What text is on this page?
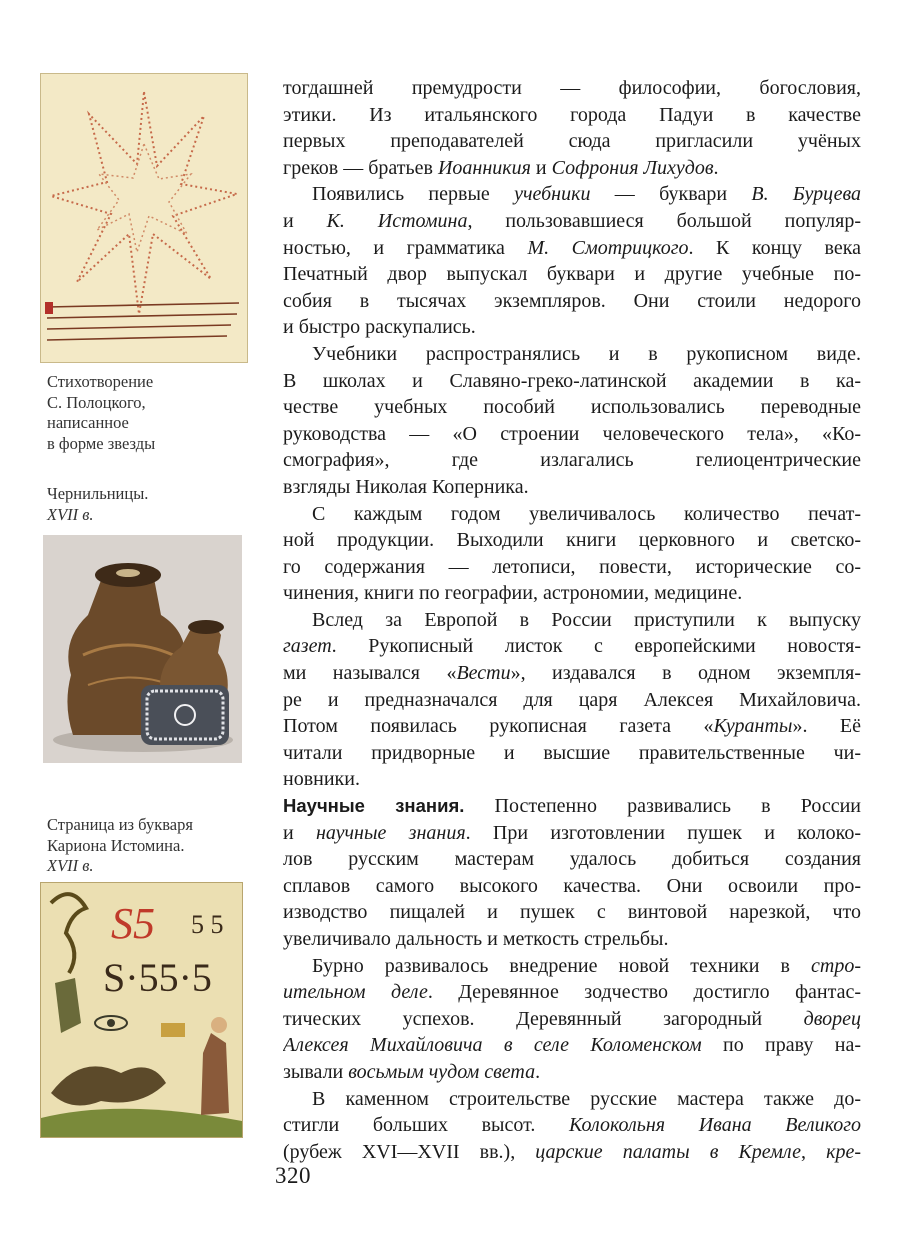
Стихотворение
С. Полоцкого,
написанное
в форме звезды
Чернильницы.
XVII в.
Страница из букваря
Кариона Истомина.
XVII в.
S5 5 5
S·55·5
тогдашней премудрости — философии, богословия,
этики. Из итальянского города Падуи в качестве
первых преподавателей сюда пригласили учёных
греков — братьев Иоанникия и Софрония Лихудов.
Появились первые учебники — буквари В. Бурцева
и К. Истомина, пользовавшиеся большой популяр-
ностью, и грамматика М. Смотрицкого. К концу века
Печатный двор выпускал буквари и другие учебные по-
собия в тысячах экземпляров. Они стоили недорого
и быстро раскупались.
Учебники распространялись и в рукописном виде.
В школах и Славяно-греко-латинской академии в ка-
честве учебных пособий использовались переводные
руководства — «О строении человеческого тела», «Ко-
смография», где излагались гелиоцентрические
взгляды Николая Коперника.
С каждым годом увеличивалось количество печат-
ной продукции. Выходили книги церковного и светско-
го содержания — летописи, повести, исторические со-
чинения, книги по географии, астрономии, медицине.
Вслед за Европой в России приступили к выпуску
газет. Рукописный листок с европейскими новостя-
ми назывался «Вести», издавался в одном экземпля-
ре и предназначался для царя Алексея Михайловича.
Потом появилась рукописная газета «Куранты». Её
читали придворные и высшие правительственные чи-
новники.
Научные знания. Постепенно развивались в России
и научные знания. При изготовлении пушек и колоко-
лов русским мастерам удалось добиться создания
сплавов самого высокого качества. Они освоили про-
изводство пищалей и пушек с винтовой нарезкой, что
увеличивало дальность и меткость стрельбы.
Бурно развивалось внедрение новой техники в стро-
ительном деле. Деревянное зодчество достигло фантас-
тических успехов. Деревянный загородный дворец
Алексея Михайловича в селе Коломенском по праву на-
зывали восьмым чудом света.
В каменном строительстве русские мастера также до-
стигли больших высот. Колокольня Ивана Великого
(рубеж XVI—XVII вв.), царские палаты в Кремле, кре-
320
